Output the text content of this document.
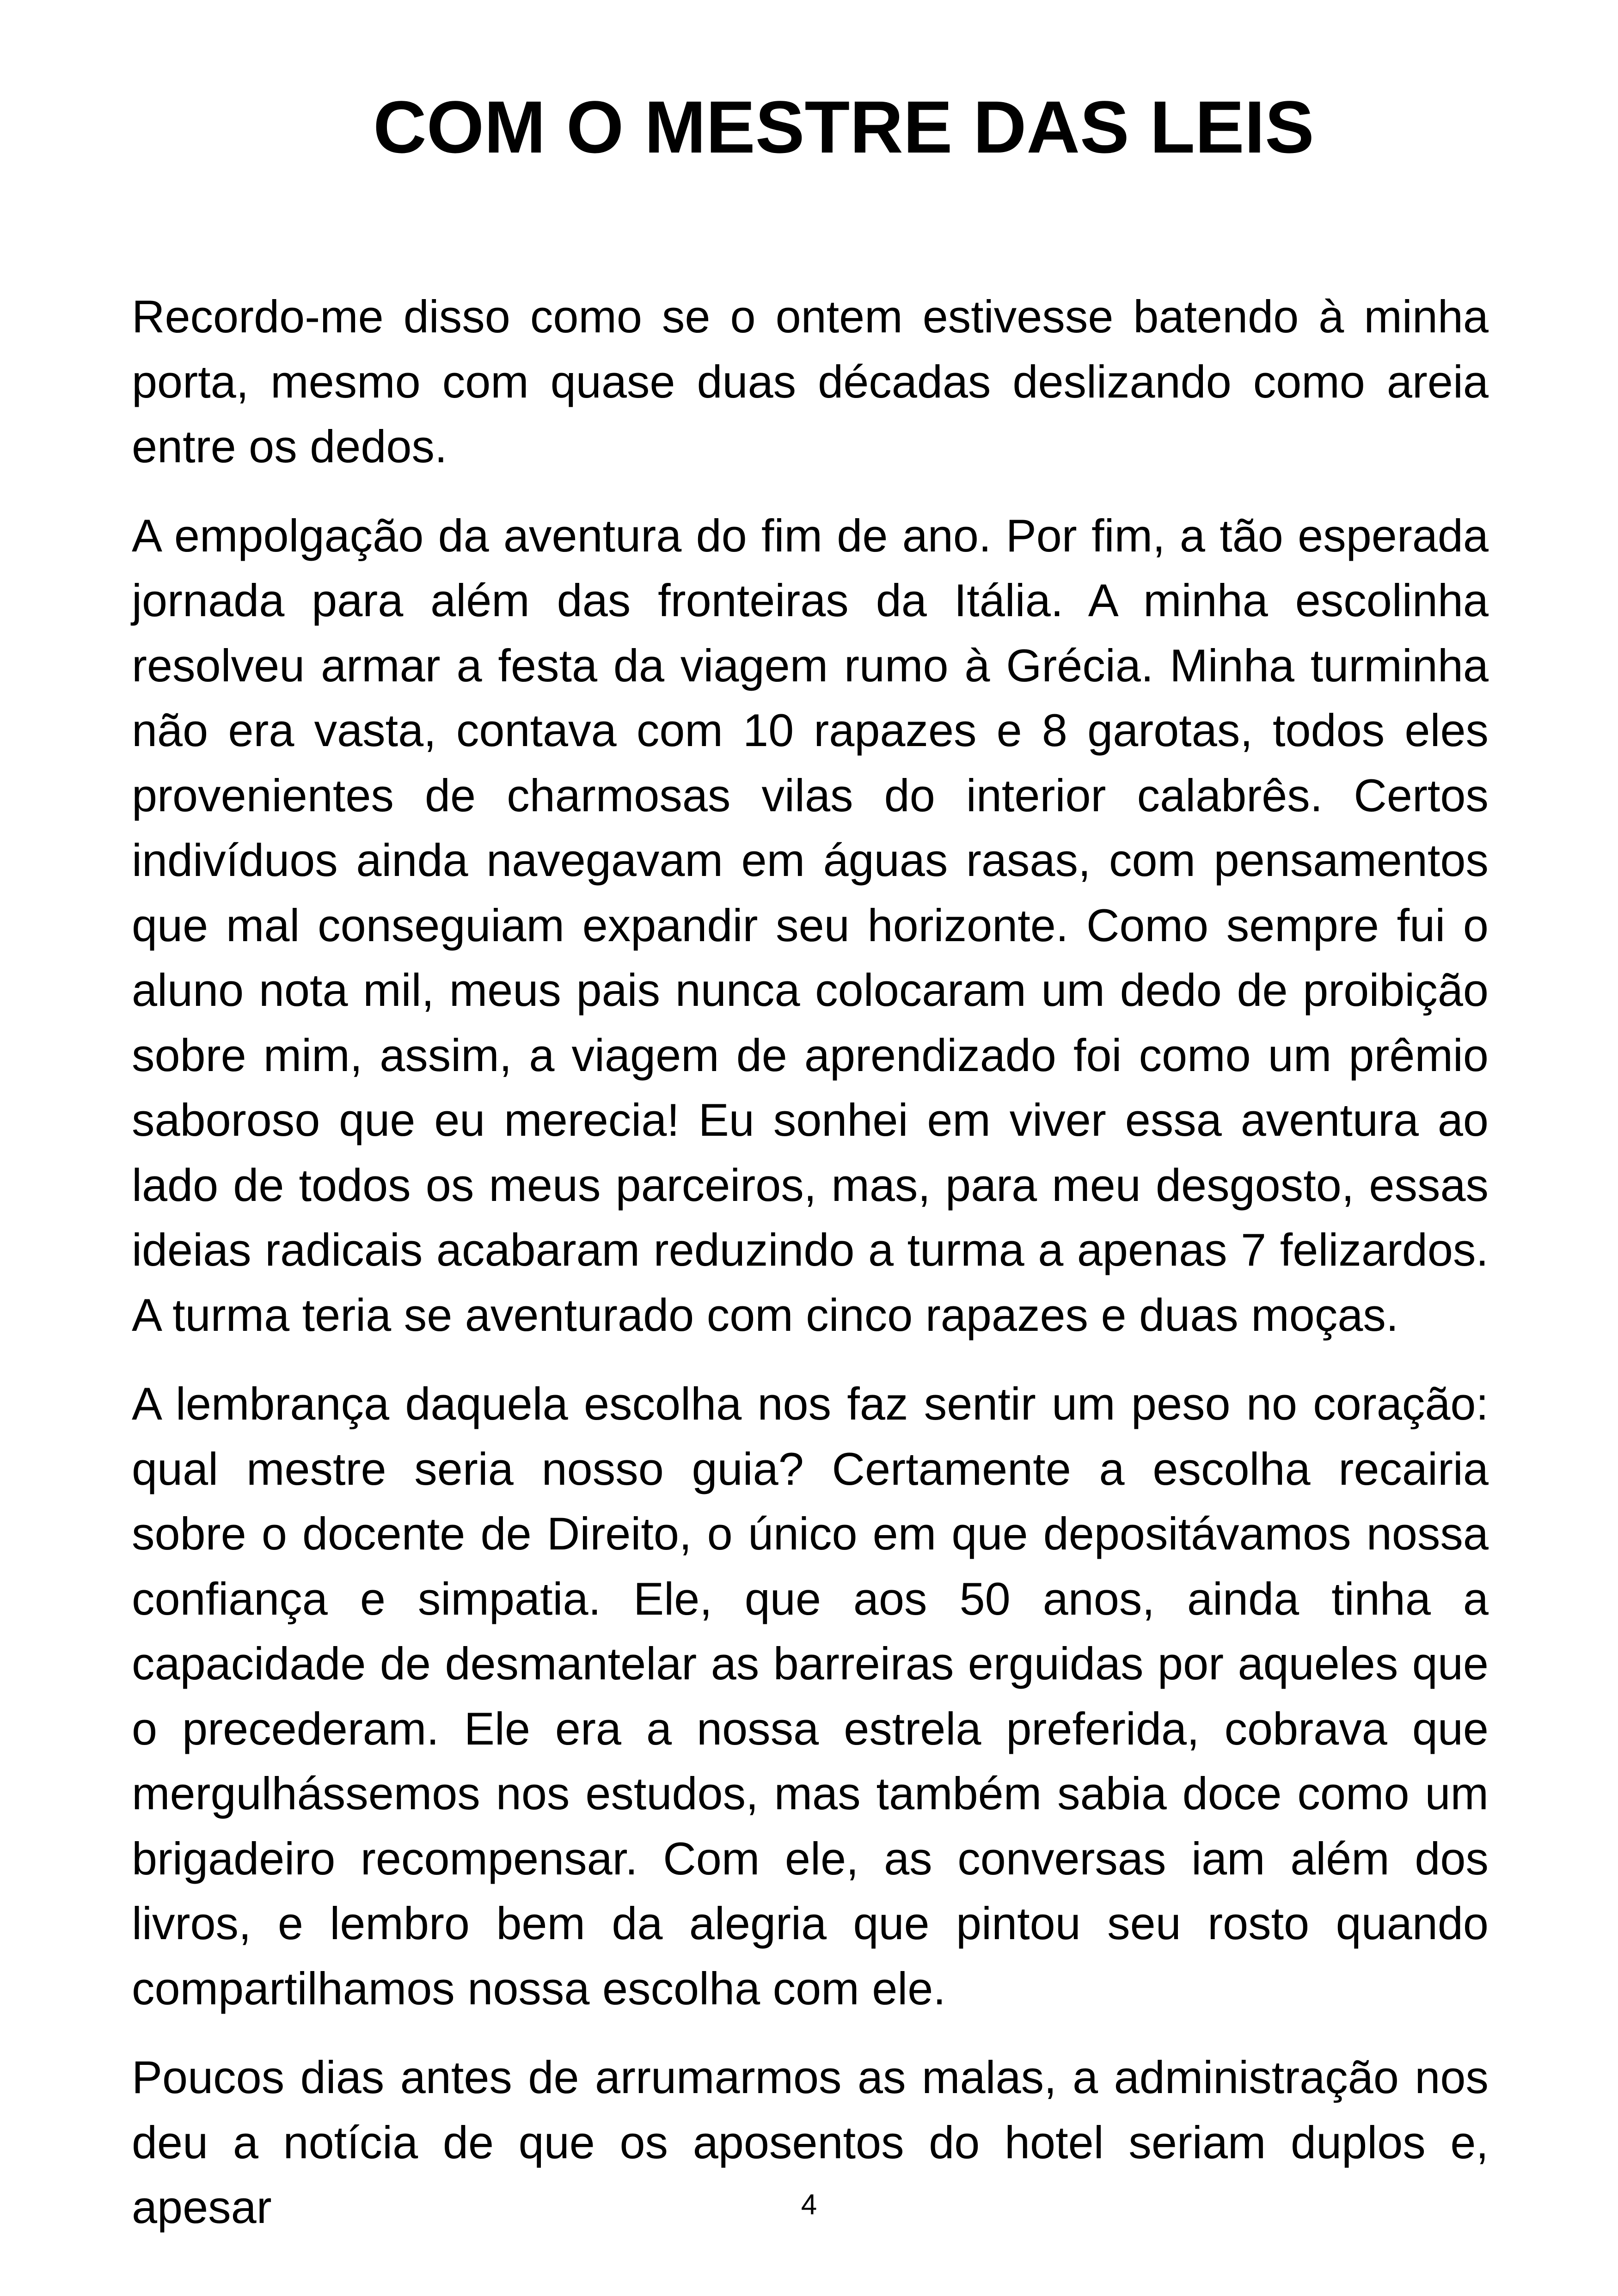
COM O MESTRE DAS LEIS

Recordo-me disso como se o ontem estivesse batendo à minha porta, mesmo com quase duas décadas deslizando como areia entre os dedos.

A empolgação da aventura do fim de ano. Por fim, a tão esperada jornada para além das fronteiras da Itália. A minha escolinha resolveu armar a festa da viagem rumo à Grécia. Minha turminha não era vasta, contava com 10 rapazes e 8 garotas, todos eles provenientes de charmosas vilas do interior calabrês. Certos indivíduos ainda navegavam em águas rasas, com pensamentos que mal conseguiam expandir seu horizonte. Como sempre fui o aluno nota mil, meus pais nunca colocaram um dedo de proibição sobre mim, assim, a viagem de aprendizado foi como um prêmio saboroso que eu merecia! Eu sonhei em viver essa aventura ao lado de todos os meus parceiros, mas, para meu desgosto, essas ideias radicais acabaram reduzindo a turma a apenas 7 felizardos. A turma teria se aventurado com cinco rapazes e duas moças.

A lembrança daquela escolha nos faz sentir um peso no coração: qual mestre seria nosso guia? Certamente a escolha recairia sobre o docente de Direito, o único em que depositávamos nossa confiança e simpatia. Ele, que aos 50 anos, ainda tinha a capacidade de desmantelar as barreiras erguidas por aqueles que o precederam. Ele era a nossa estrela preferida, cobrava que mergulhássemos nos estudos, mas também sabia doce como um brigadeiro recompensar. Com ele, as conversas iam além dos livros, e lembro bem da alegria que pintou seu rosto quando compartilhamos nossa escolha com ele.

Poucos dias antes de arrumarmos as malas, a administração nos deu a notícia de que os aposentos do hotel seriam duplos e, apesar	4
